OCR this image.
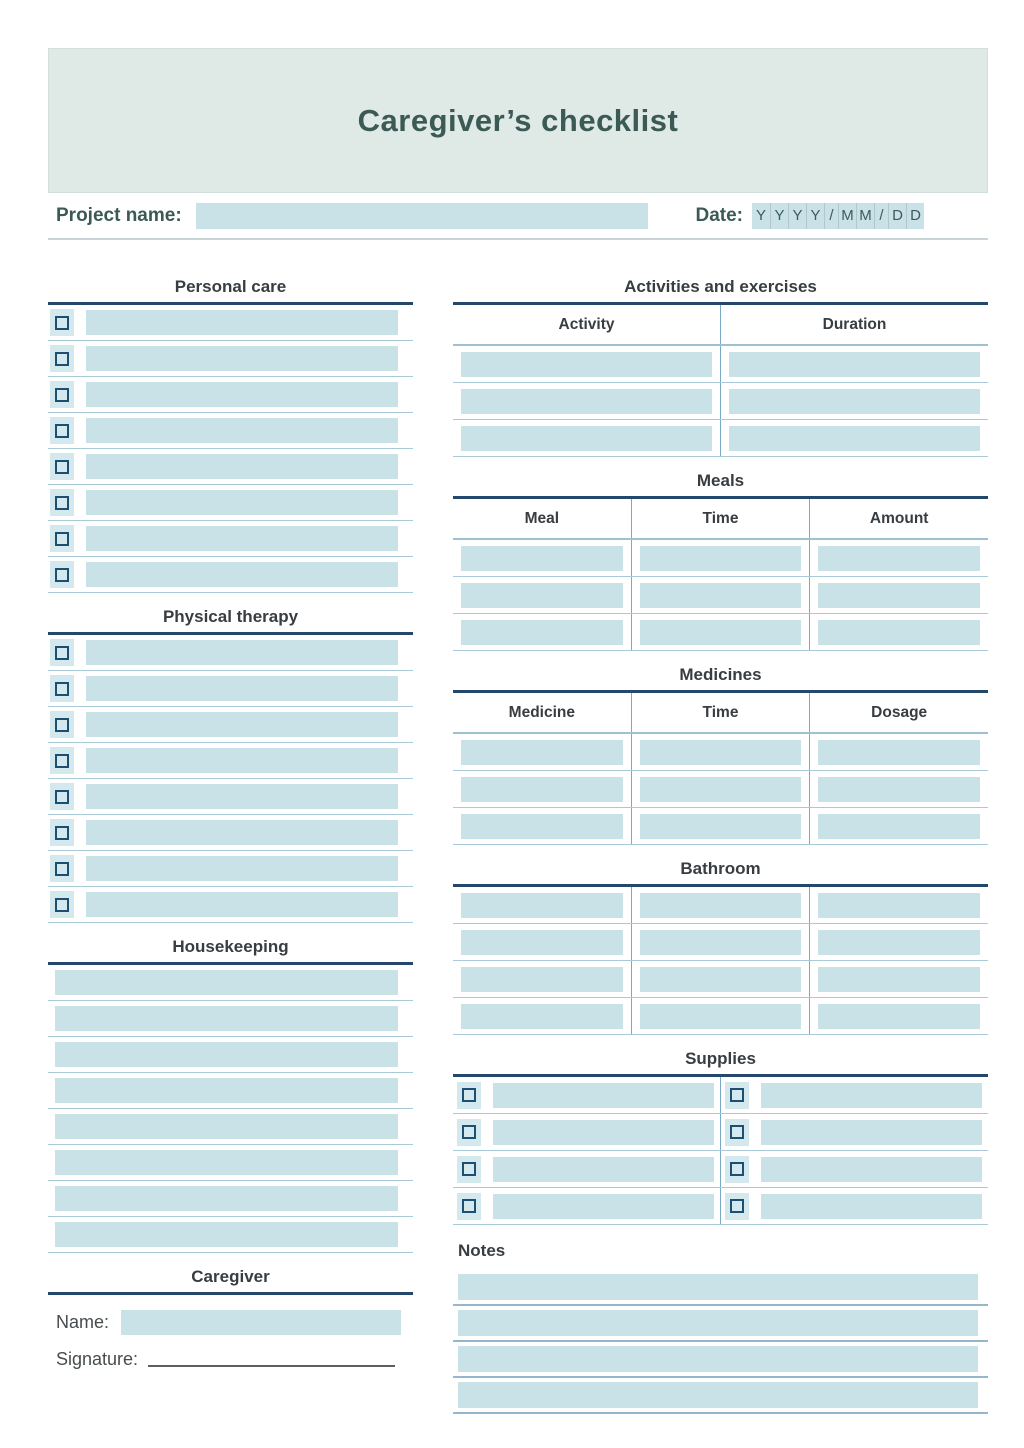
Caregiver’s checklist
Project name:	Date: Y Y Y Y / M M / D D
Personal care
Physical therapy
Housekeeping
Caregiver
Name:
Signature:
Activities and exercises
Activity	Duration
Meals
Meal	Time	Amount
Medicines
Medicine	Time	Dosage
Bathroom
Supplies
Notes
